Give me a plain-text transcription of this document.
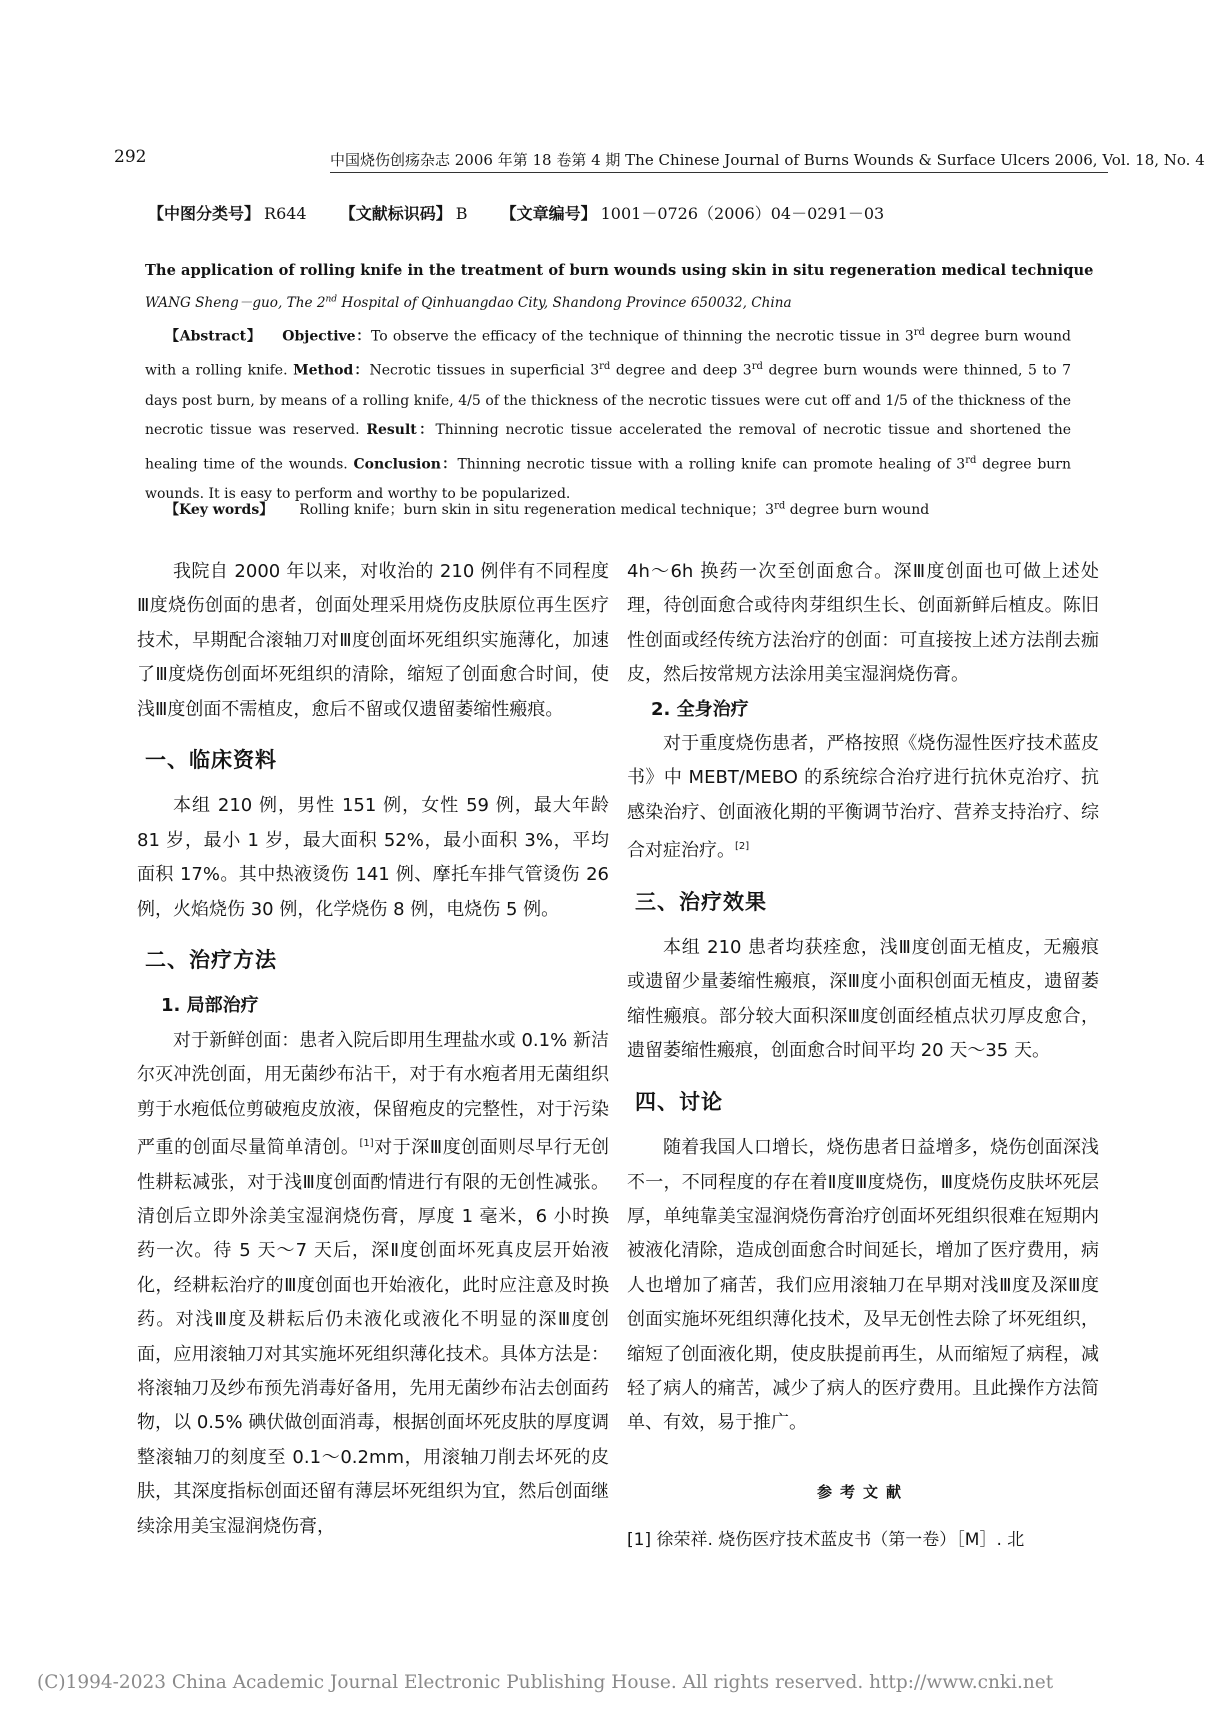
292	中国烧伤创疡杂志 2006 年第 18 卷第 4 期 The Chinese Journal of Burns Wounds & Surface Ulcers 2006, Vol. 18, No. 4
【中图分类号】 R644 【文献标识码】 B 【文章编号】 1001－0726（2006）04－0291－03
The application of rolling knife in the treatment of burn wounds using skin in situ regeneration medical technique
WANG Sheng－guo, The 2nd Hospital of Qinhuangdao City, Shandong Province 650032, China
【Abstract】 Objective：To observe the efficacy of the technique of thinning the necrotic tissue in 3rd degree burn wound with a rolling knife. Method：Necrotic tissues in superficial 3rd degree and deep 3rd degree burn wounds were thinned, 5 to 7 days post burn, by means of a rolling knife, 4/5 of the thickness of the necrotic tissues were cut off and 1/5 of the thickness of the necrotic tissue was reserved. Result：Thinning necrotic tissue accelerated the removal of necrotic tissue and shortened the healing time of the wounds. Conclusion：Thinning necrotic tissue with a rolling knife can promote healing of 3rd degree burn wounds. It is easy to perform and worthy to be popularized.
【Key words】 Rolling knife；burn skin in situ regeneration medical technique；3rd degree burn wound

我院自 2000 年以来，对收治的 210 例伴有不同程度Ⅲ度烧伤创面的患者，创面处理采用烧伤皮肤原位再生医疗技术，早期配合滚轴刀对Ⅲ度创面坏死组织实施薄化，加速了Ⅲ度烧伤创面坏死组织的清除，缩短了创面愈合时间，使浅Ⅲ度创面不需植皮，愈后不留或仅遗留萎缩性瘢痕。

一、临床资料

本组 210 例，男性 151 例，女性 59 例，最大年龄 81 岁，最小 1 岁，最大面积 52%，最小面积 3%，平均面积 17%。其中热液烫伤 141 例、摩托车排气管烫伤 26 例，火焰烧伤 30 例，化学烧伤 8 例，电烧伤 5 例。

二、治疗方法
1. 局部治疗

对于新鲜创面：患者入院后即用生理盐水或 0.1% 新洁尔灭冲洗创面，用无菌纱布沾干，对于有水疱者用无菌组织剪于水疱低位剪破疱皮放液，保留疱皮的完整性，对于污染严重的创面尽量简单清创。[1]对于深Ⅲ度创面则尽早行无创性耕耘减张，对于浅Ⅲ度创面酌情进行有限的无创性减张。清创后立即外涂美宝湿润烧伤膏，厚度 1 毫米，6 小时换药一次。待 5 天～7 天后，深Ⅱ度创面坏死真皮层开始液化，经耕耘治疗的Ⅲ度创面也开始液化，此时应注意及时换药。对浅Ⅲ度及耕耘后仍未液化或液化不明显的深Ⅲ度创面，应用滚轴刀对其实施坏死组织薄化技术。具体方法是：将滚轴刀及纱布预先消毒好备用，先用无菌纱布沾去创面药物，以 0.5% 碘伏做创面消毒，根据创面坏死皮肤的厚度调整滚轴刀的刻度至 0.1～0.2mm，用滚轴刀削去坏死的皮肤，其深度指标创面还留有薄层坏死组织为宜，然后创面继续涂用美宝湿润烧伤膏，

4h～6h 换药一次至创面愈合。深Ⅲ度创面也可做上述处理，待创面愈合或待肉芽组织生长、创面新鲜后植皮。陈旧性创面或经传统方法治疗的创面：可直接按上述方法削去痂皮，然后按常规方法涂用美宝湿润烧伤膏。

2. 全身治疗

对于重度烧伤患者，严格按照《烧伤湿性医疗技术蓝皮书》中 MEBT/MEBO 的系统综合治疗进行抗休克治疗、抗感染治疗、创面液化期的平衡调节治疗、营养支持治疗、综合对症治疗。[2]

三、治疗效果

本组 210 患者均获痊愈，浅Ⅲ度创面无植皮，无瘢痕或遗留少量萎缩性瘢痕，深Ⅲ度小面积创面无植皮，遗留萎缩性瘢痕。部分较大面积深Ⅲ度创面经植点状刃厚皮愈合，遗留萎缩性瘢痕，创面愈合时间平均 20 天～35 天。

四、讨论

随着我国人口增长，烧伤患者日益增多，烧伤创面深浅不一，不同程度的存在着Ⅱ度Ⅲ度烧伤，Ⅲ度烧伤皮肤坏死层厚，单纯靠美宝湿润烧伤膏治疗创面坏死组织很难在短期内被液化清除，造成创面愈合时间延长，增加了医疗费用，病人也增加了痛苦，我们应用滚轴刀在早期对浅Ⅲ度及深Ⅲ度创面实施坏死组织薄化技术，及早无创性去除了坏死组织，缩短了创面液化期，使皮肤提前再生，从而缩短了病程，减轻了病人的痛苦，减少了病人的医疗费用。且此操作方法简单、有效，易于推广。

参考文献

[1] 徐荣祥. 烧伤医疗技术蓝皮书（第一卷）［M］. 北

(C)1994-2023 China Academic Journal Electronic Publishing House. All rights reserved. http://www.cnki.net
